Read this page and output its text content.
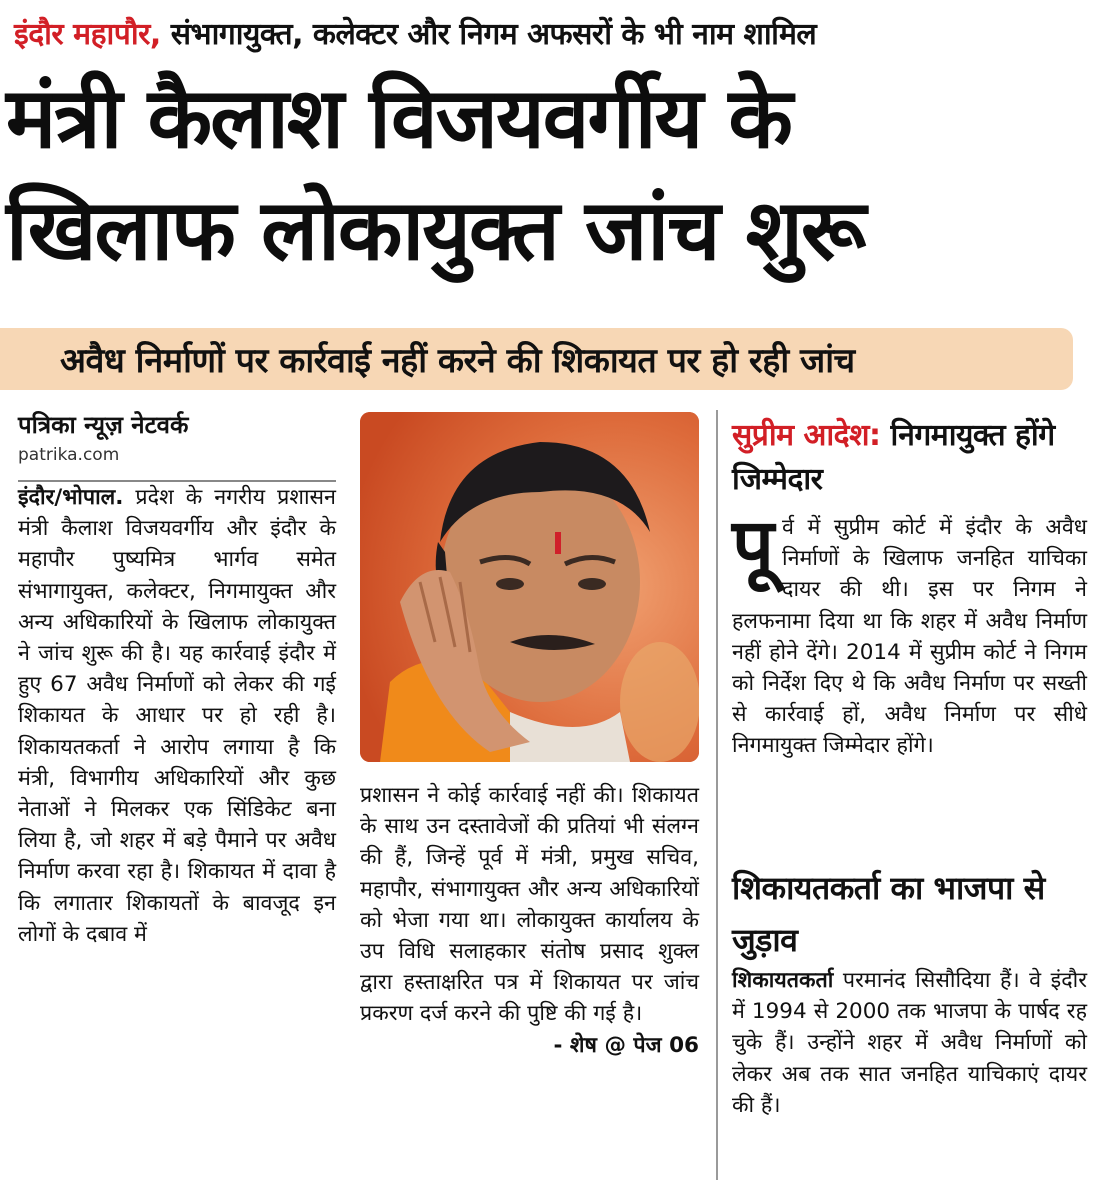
इंदौर महापौर, संभागायुक्त, कलेक्टर और निगम अफसरों के भी नाम शामिल
मंत्री कैलाश विजयवर्गीय के
खिलाफ लोकायुक्त जांच शुरू
अवैध निर्माणों पर कार्रवाई नहीं करने की शिकायत पर हो रही जांच
पत्रिका न्यूज़ नेटवर्क
patrika.com
इंदौर/भोपाल. प्रदेश के नगरीय प्रशासन मंत्री कैलाश विजयवर्गीय और इंदौर के महापौर पुष्यमित्र भार्गव समेत संभागायुक्त, कलेक्टर, निगमायुक्त और अन्य अधिकारियों के खिलाफ लोकायुक्त ने जांच शुरू की है। यह कार्रवाई इंदौर में हुए 67 अवैध निर्माणों को लेकर की गई शिकायत के आधार पर हो रही है। शिकायतकर्ता ने आरोप लगाया है कि मंत्री, विभागीय अधिकारियों और कुछ नेताओं ने मिलकर एक सिंडिकेट बना लिया है, जो शहर में बड़े पैमाने पर अवैध निर्माण करवा रहा है। शिकायत में दावा है कि लगातार शिकायतों के बावजूद इन लोगों के दबाव में
प्रशासन ने कोई कार्रवाई नहीं की। शिकायत के साथ उन दस्तावेजों की प्रतियां भी संलग्न की हैं, जिन्हें पूर्व में मंत्री, प्रमुख सचिव, महापौर, संभागायुक्त और अन्य अधिकारियों को भेजा गया था। लोकायुक्त कार्यालय के उप विधि सलाहकार संतोष प्रसाद शुक्ल द्वारा हस्ताक्षरित पत्र में शिकायत पर जांच प्रकरण दर्ज करने की पुष्टि की गई है।
- शेष @ पेज 06
सुप्रीम आदेश: निगमायुक्त होंगे जिम्मेदार
पूर्व में सुप्रीम कोर्ट में इंदौर के अवैध निर्माणों के खिलाफ जनहित याचिका दायर की थी। इस पर निगम ने हलफनामा दिया था कि शहर में अवैध निर्माण नहीं होने देंगे। 2014 में सुप्रीम कोर्ट ने निगम को निर्देश दिए थे कि अवैध निर्माण पर सख्ती से कार्रवाई हों, अवैध निर्माण पर सीधे निगमायुक्त जिम्मेदार होंगे।
शिकायतकर्ता का भाजपा से जुड़ाव
शिकायतकर्ता परमानंद सिसौदिया हैं। वे इंदौर में 1994 से 2000 तक भाजपा के पार्षद रह चुके हैं। उन्होंने शहर में अवैध निर्माणों को लेकर अब तक सात जनहित याचिकाएं दायर की हैं।
